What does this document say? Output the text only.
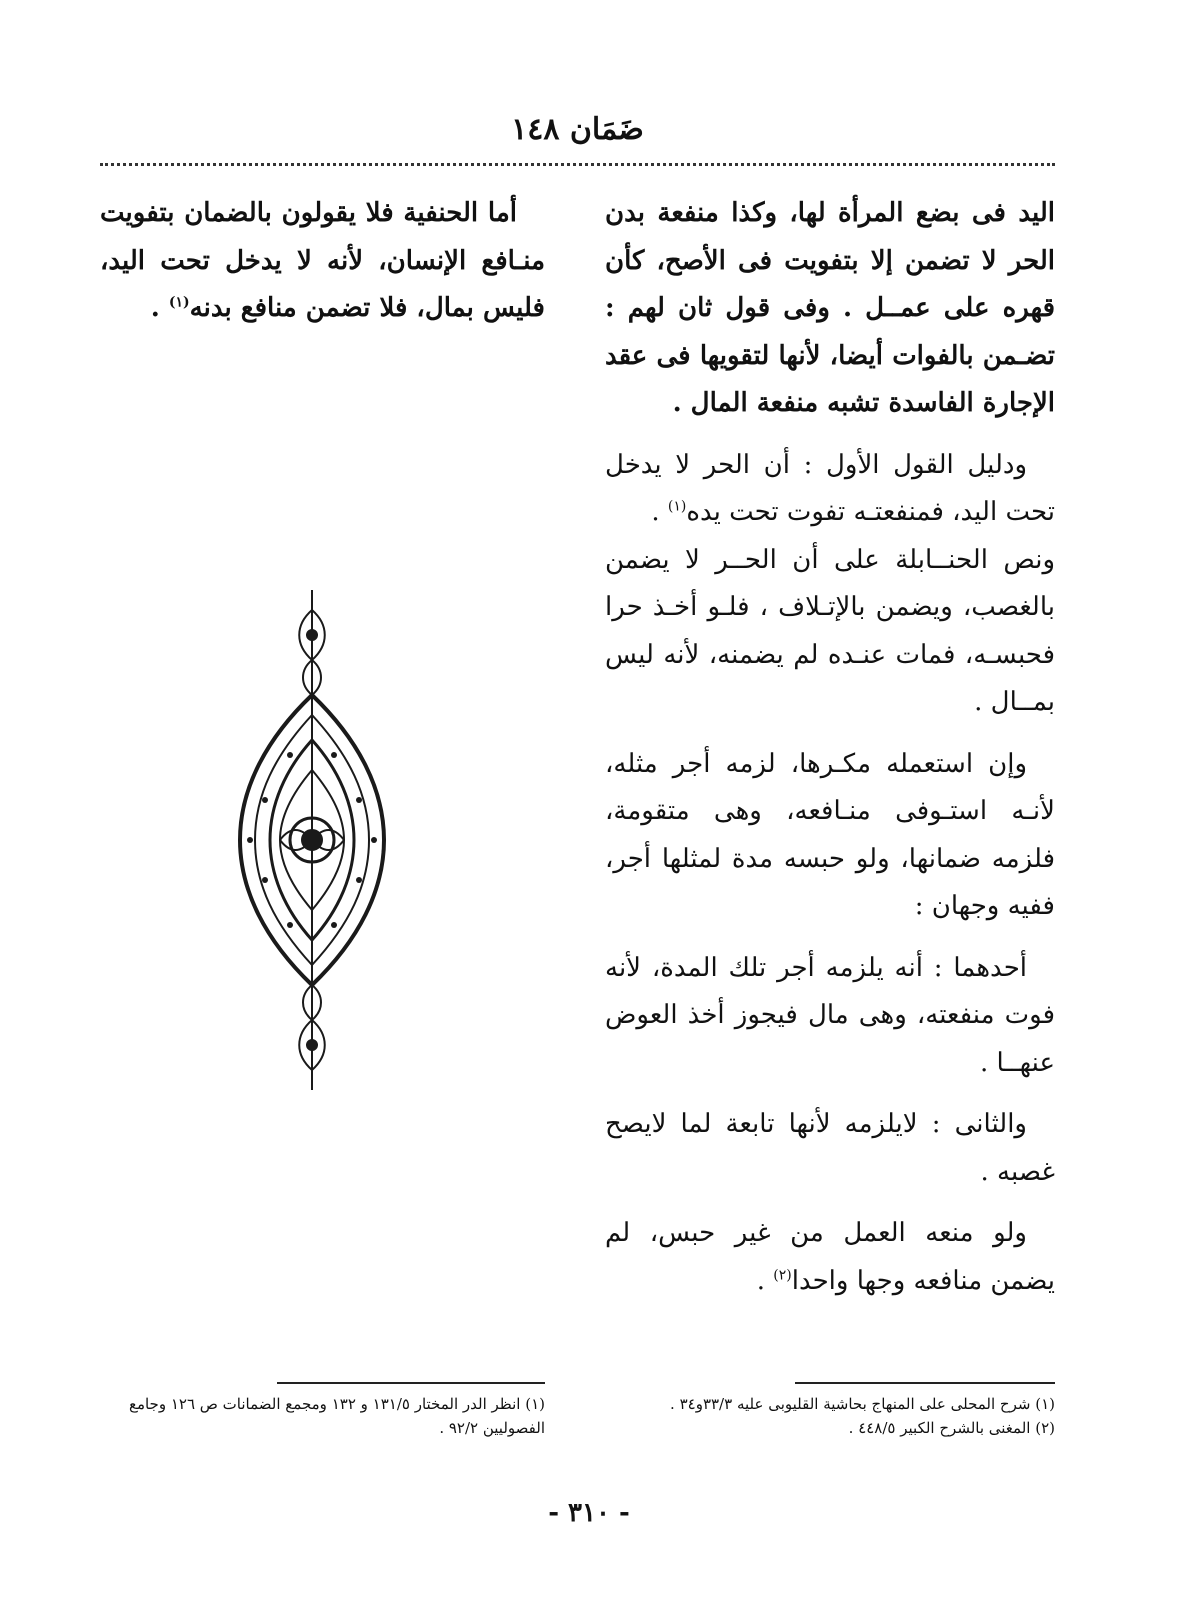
ضَمَان ١٤٨

اليد فى بضع المرأة لها، وكذا منفعة بدن الحر لا تضمن إلا بتفويت فى الأصح، كأن قهره على عمــل . وفى قول ثان لهم : تضـمن بالفوات أيضا، لأنها لتقويها فى عقد الإجارة الفاسدة تشبه منفعة المال .

ودليل القول الأول : أن الحر لا يدخل تحت اليد، فمنفعتـه تفوت تحت يده$^{(١)}$ .

ونص الحنــابلة على أن الحــر لا يضمن بالغصب، ويضمن بالإتـلاف ، فلـو أخـذ حرا فحبسـه، فمات عنـده لم يضمنه، لأنه ليس بمــال .

وإن استعمله مكـرها، لزمه أجر مثله، لأنـه استـوفى منـافعه، وهى متقومة، فلزمه ضمانها، ولو حبسه مدة لمثلها أجر، ففيه وجهان :

أحدهما : أنه يلزمه أجر تلك المدة، لأنه فوت منفعته، وهى مال فيجوز أخذ العوض عنهــا .

والثانى : لايلزمه لأنها تابعة لما لايصح غصبه .

ولو منعه العمل من غير حبس، لم يضمن منافعه وجها واحدا$^{(٢)}$ .

أما الحنفية فلا يقولون بالضمان بتفويت منـافع الإنسان، لأنه لا يدخل تحت اليد، فليس بمال، فلا تضمن منافع بدنه$^{(١)}$ .

(١) شرح المحلى على المنهاج بحاشية القليوبى عليه ٣٣/٣و٣٤ .

(٢) المغنى بالشرح الكبير ٤٤٨/٥ .

(١) انظر الدر المختار ١٣١/٥ و ١٣٢ ومجمع الضمانات ص ١٢٦ وجامع الفصوليين ٩٢/٢ .

- ٣١٠ -
